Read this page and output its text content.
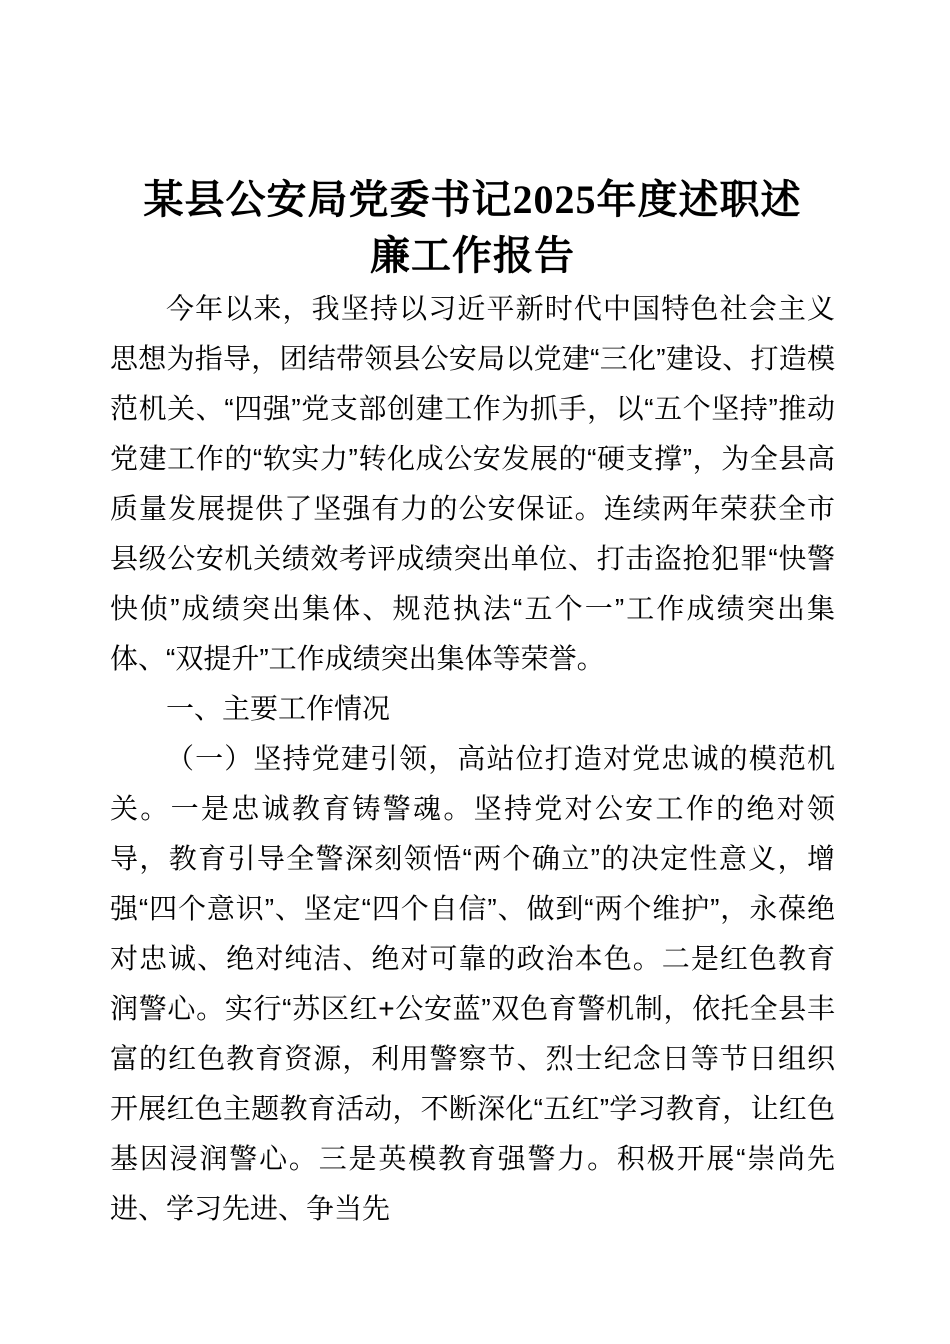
某县公安局党委书记2025年度述职述
廉工作报告

今年以来，我坚持以习近平新时代中国特色社会主义思想为指导，团结带领县公安局以党建“三化”建设、打造模范机关、“四强”党支部创建工作为抓手，以“五个坚持”推动党建工作的“软实力”转化成公安发展的“硬支撑”，为全县高质量发展提供了坚强有力的公安保证。连续两年荣获全市县级公安机关绩效考评成绩突出单位、打击盗抢犯罪“快警快侦”成绩突出集体、规范执法“五个一”工作成绩突出集体、“双提升”工作成绩突出集体等荣誉。

一、主要工作情况

（一）坚持党建引领，高站位打造对党忠诚的模范机关。一是忠诚教育铸警魂。坚持党对公安工作的绝对领导，教育引导全警深刻领悟“两个确立”的决定性意义，增强“四个意识”、坚定“四个自信”、做到“两个维护”，永葆绝对忠诚、绝对纯洁、绝对可靠的政治本色。二是红色教育润警心。实行“苏区红+公安蓝”双色育警机制，依托全县丰富的红色教育资源，利用警察节、烈士纪念日等节日组织开展红色主题教育活动，不断深化“五红”学习教育，让红色基因浸润警心。三是英模教育强警力。积极开展“崇尚先进、学习先进、争当先
